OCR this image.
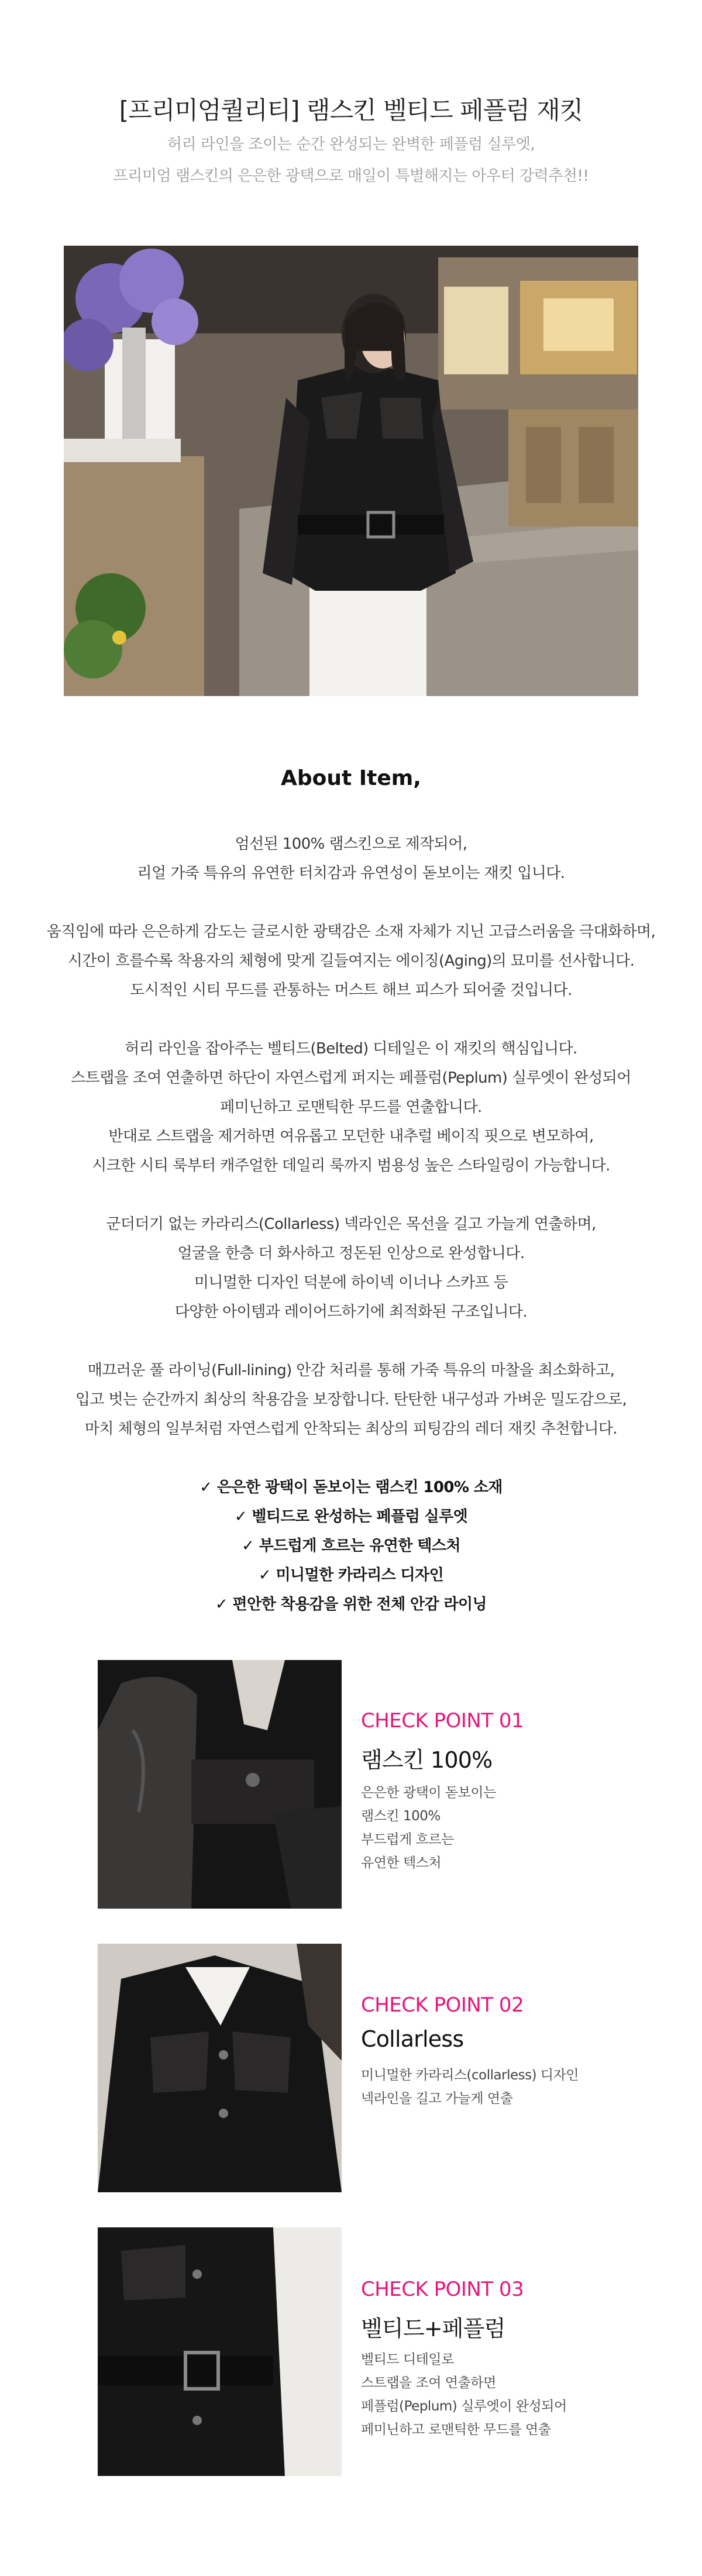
[프리미엄퀄리티] 램스킨 벨티드 페플럼 재킷
허리 라인을 조이는 순간 완성되는 완벽한 페플럼 실루엣,
프리미엄 램스킨의 은은한 광택으로 매일이 특별해지는 아우터 강력추천!!
About Item,

엄선된 100% 램스킨으로 제작되어,

리얼 가죽 특유의 유연한 터치감과 유연성이 돋보이는 재킷 입니다.

움직임에 따라 은은하게 감도는 글로시한 광택감은 소재 자체가 지닌 고급스러움을 극대화하며,

시간이 흐를수록 착용자의 체형에 맞게 길들여지는 에이징(Aging)의 묘미를 선사합니다.

도시적인 시티 무드를 관통하는 머스트 해브 피스가 되어줄 것입니다.

허리 라인을 잡아주는 벨티드(Belted) 디테일은 이 재킷의 핵심입니다.

스트랩을 조여 연출하면 하단이 자연스럽게 퍼지는 페플럼(Peplum) 실루엣이 완성되어

페미닌하고 로맨틱한 무드를 연출합니다.

반대로 스트랩을 제거하면 여유롭고 모던한 내추럴 베이직 핏으로 변모하여,

시크한 시티 룩부터 캐주얼한 데일리 룩까지 범용성 높은 스타일링이 가능합니다.

군더더기 없는 카라리스(Collarless) 넥라인은 목선을 길고 가늘게 연출하며,

얼굴을 한층 더 화사하고 정돈된 인상으로 완성합니다.

미니멀한 디자인 덕분에 하이넥 이너나 스카프 등

다양한 아이템과 레이어드하기에 최적화된 구조입니다.

매끄러운 풀 라이닝(Full-lining) 안감 처리를 통해 가죽 특유의 마찰을 최소화하고,

입고 벗는 순간까지 최상의 착용감을 보장합니다. 탄탄한 내구성과 가벼운 밀도감으로,

마치 체형의 일부처럼 자연스럽게 안착되는 최상의 피팅감의 레더 재킷 추천합니다.

✓ 은은한 광택이 돋보이는 램스킨 100% 소재

✓ 벨티드로 완성하는 페플럼 실루엣

✓ 부드럽게 흐르는 유연한 텍스처

✓ 미니멀한 카라리스 디자인

✓ 편안한 착용감을 위한 전체 안감 라이닝

CHECK POINT 01
램스킨 100%

은은한 광택이 돋보이는

램스킨 100%

부드럽게 흐르는

유연한 텍스처

CHECK POINT 02
Collarless

미니멀한 카라리스(collarless) 디자인

넥라인을 길고 가늘게 연출

CHECK POINT 03
벨티드+페플럼

벨티드 디테일로

스트랩을 조여 연출하면

페플럼(Peplum) 실루엣이 완성되어

페미닌하고 로맨틱한 무드를 연출
